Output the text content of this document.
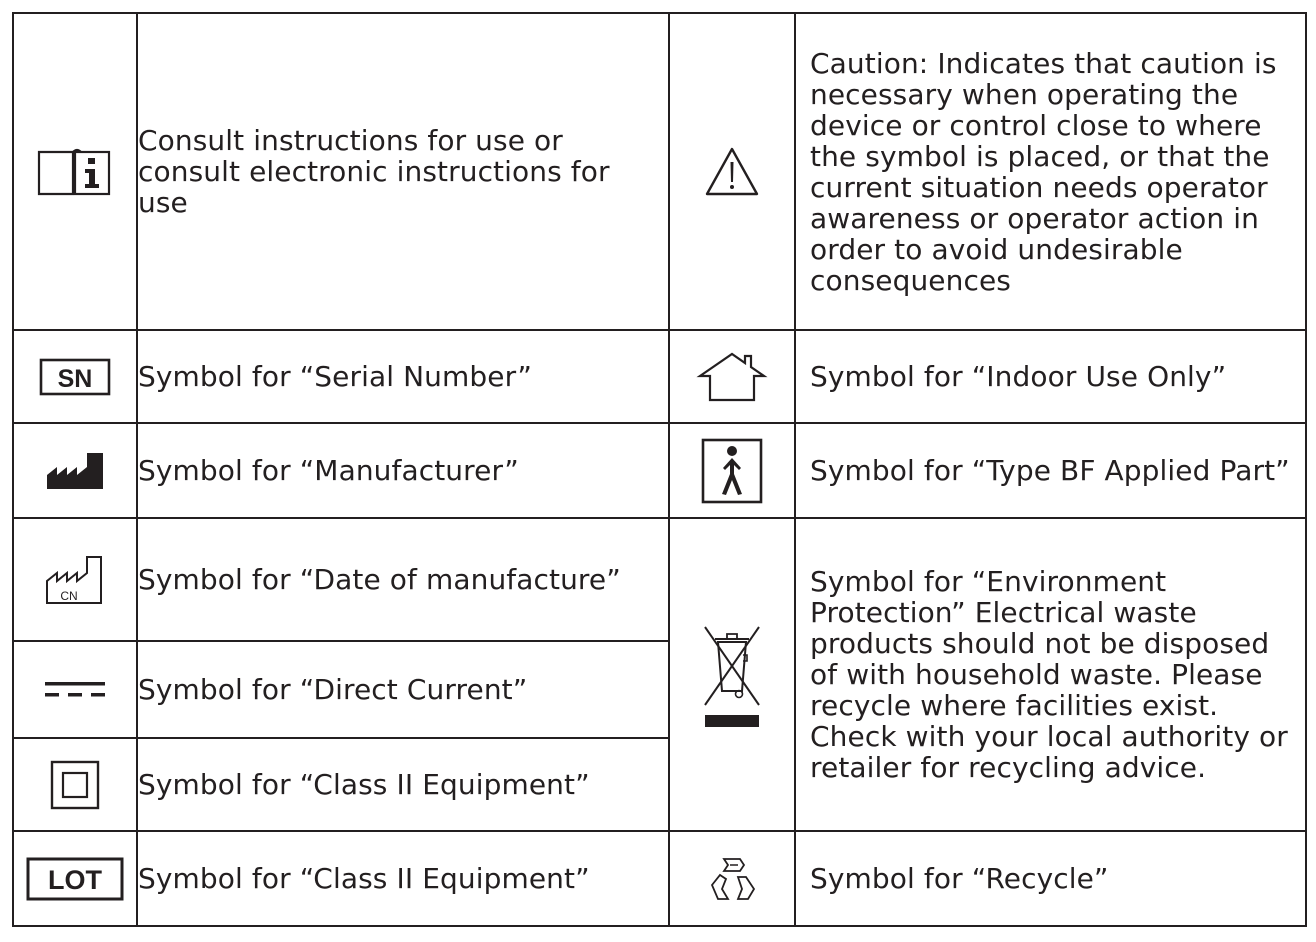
Consult instructions for use or consult electronic instructions for use		Caution: Indicates that caution is necessary when operating the device or control close to where the symbol is placed, or that the current situation needs operator awareness or operator action in order to avoid undesirable consequences

SN	Symbol for “Serial Number”		Symbol for “Indoor Use Only”

Symbol for “Manufacturer”		Symbol for “Type BF Applied Part”

CN	Symbol for “Date of manufacture”		Symbol for “Environment Protection” Electrical waste products should not be disposed of with household waste. Please recycle where facilities exist. Check with your local authority or retailer for recycling advice.

Symbol for “Direct Current”		

Symbol for “Class II Equipment”		

LOT	Symbol for “Class II Equipment”		Symbol for “Recycle”
